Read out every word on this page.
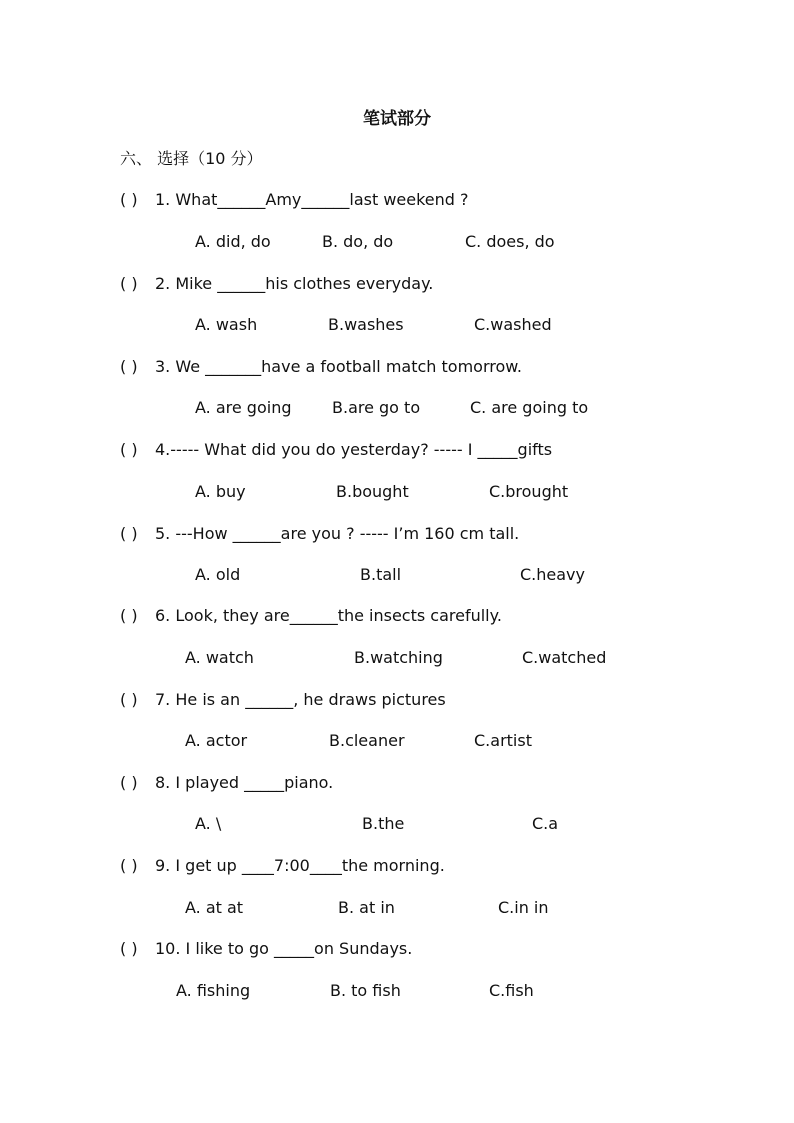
笔试部分
六、 选择（10 分）
( ) 1. What______Amy______last weekend ?
A. did, do	B. do, do	C. does, do
( ) 2. Mike ______his clothes everyday.
A. wash	B.washes	C.washed
( ) 3. We _______have a football match tomorrow.
A. are going	B.are go to	C. are going to
( ) 4.----- What did you do yesterday? ----- I _____gifts
A. buy	B.bought	C.brought
( ) 5. ---How ______are you ? ----- I’m 160 cm tall.
A. old	B.tall	C.heavy
( ) 6. Look, they are______the insects carefully.
A. watch	B.watching	C.watched
( ) 7. He is an ______, he draws pictures
A. actor	B.cleaner	C.artist
( ) 8. I played _____piano.
A. \	B.the	C.a
( ) 9. I get up ____7:00____the morning.
A. at at	B. at in	C.in in
( ) 10. I like to go _____on Sundays.
A. fishing	B. to fish	C.fish
